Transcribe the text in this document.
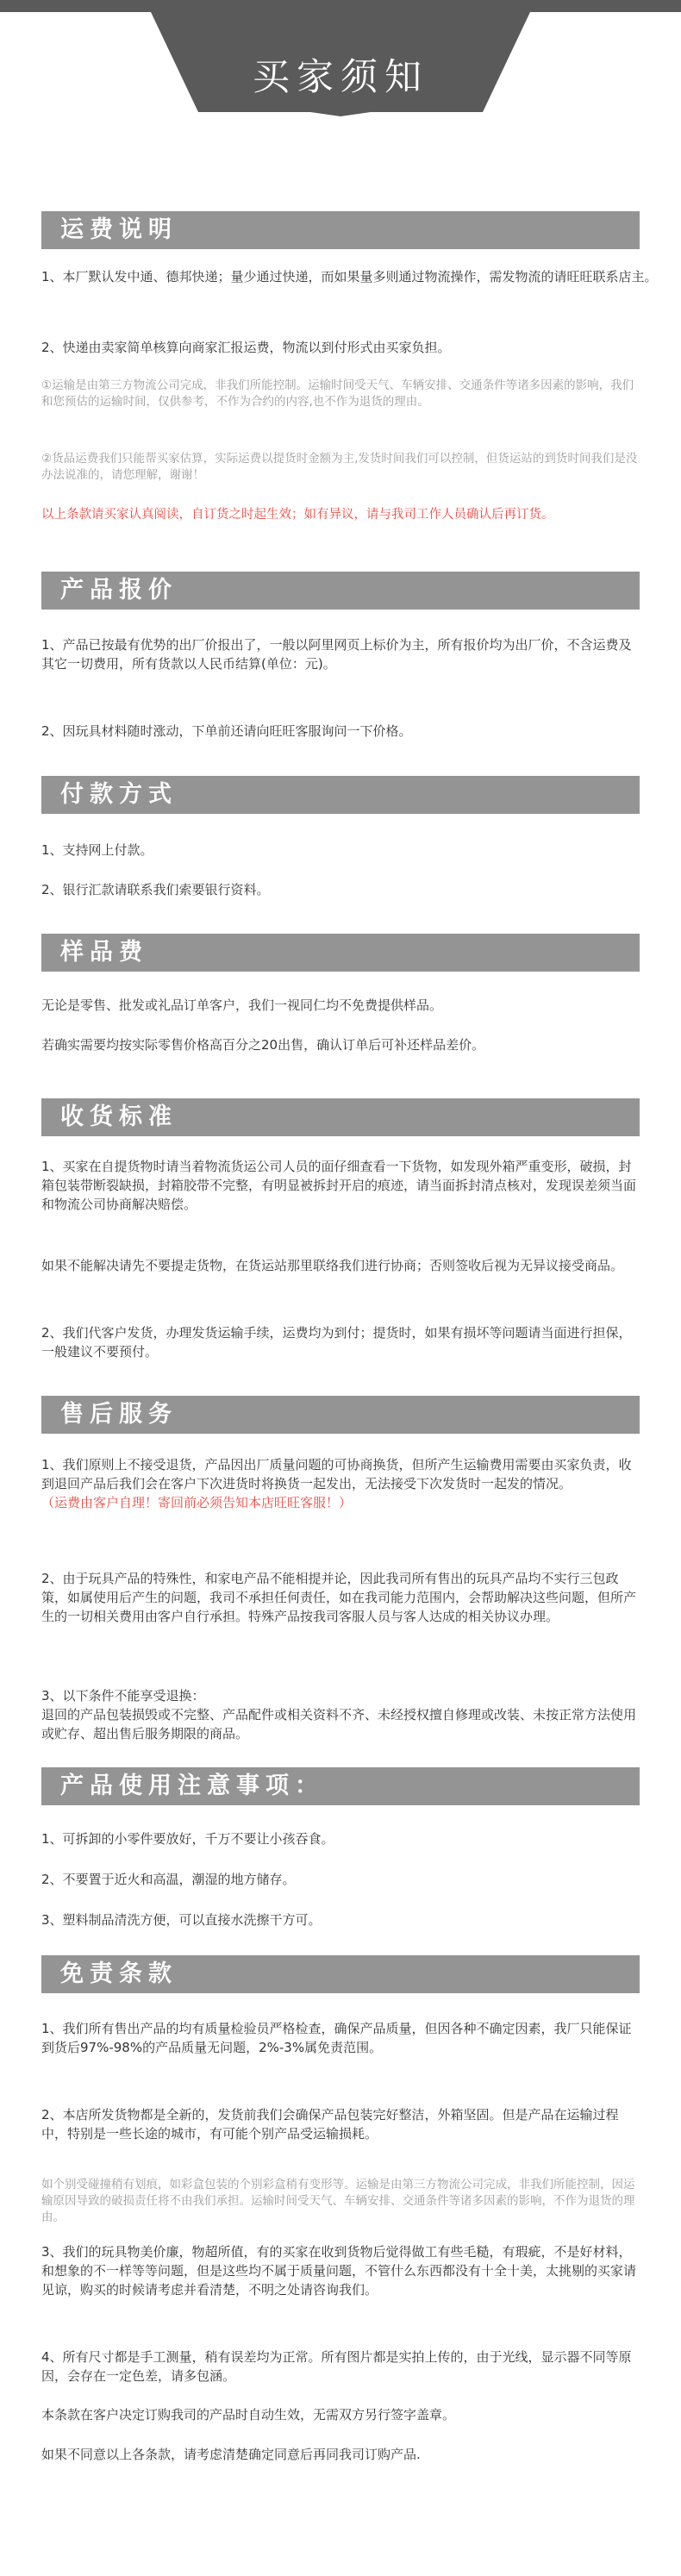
买家须知
运费说明
1、本厂默认发中通、德邦快递；量少通过快递，而如果量多则通过物流操作，需发物流的请旺旺联系店主。
2、快递由卖家简单核算向商家汇报运费，物流以到付形式由买家负担。
①运输是由第三方物流公司完成，非我们所能控制。运输时间受天气、车辆安排、交通条件等诸多因素的影响，我们和您预估的运输时间，仅供参考，不作为合约的内容,也不作为退货的理由。
②货品运费我们只能帮买家估算，实际运费以提货时金额为主,发货时间我们可以控制，但货运站的到货时间我们是没办法说准的，请您理解，谢谢！
以上条款请买家认真阅读，自订货之时起生效；如有异议，请与我司工作人员确认后再订货。
产品报价
1、产品已按最有优势的出厂价报出了，一般以阿里网页上标价为主，所有报价均为出厂价，不含运费及其它一切费用，所有货款以人民币结算(单位：元)。
2、因玩具材料随时涨动，下单前还请向旺旺客服询问一下价格。
付款方式
1、支持网上付款。
2、银行汇款请联系我们索要银行资料。
样品费
无论是零售、批发或礼品订单客户，我们一视同仁均不免费提供样品。
若确实需要均按实际零售价格高百分之20出售，确认订单后可补还样品差价。
收货标准
1、买家在自提货物时请当着物流货运公司人员的面仔细查看一下货物，如发现外箱严重变形，破损，封箱包装带断裂缺损，封箱胶带不完整，有明显被拆封开启的痕迹，请当面拆封清点核对，发现误差须当面和物流公司协商解决赔偿。
如果不能解决请先不要提走货物，在货运站那里联络我们进行协商；否则签收后视为无异议接受商品。
2、我们代客户发货，办理发货运输手续，运费均为到付；提货时，如果有损坏等问题请当面进行担保，一般建议不要预付。
售后服务
1、我们原则上不接受退货，产品因出厂质量问题的可协商换货，但所产生运输费用需要由买家负责，收到退回产品后我们会在客户下次进货时将换货一起发出，无法接受下次发货时一起发的情况。
（运费由客户自理！寄回前必须告知本店旺旺客服！）
2、由于玩具产品的特殊性，和家电产品不能相提并论，因此我司所有售出的玩具产品均不实行三包政策，如属使用后产生的问题，我司不承担任何责任，如在我司能力范围内，会帮助解决这些问题，但所产生的一切相关费用由客户自行承担。特殊产品按我司客服人员与客人达成的相关协议办理。
3、以下条件不能享受退换：
退回的产品包装损毁或不完整、产品配件或相关资料不齐、未经授权擅自修理或改装、未按正常方法使用或贮存、超出售后服务期限的商品。
产品使用注意事项：
1、可拆卸的小零件要放好，千万不要让小孩吞食。
2、不要置于近火和高温，潮湿的地方储存。
3、塑料制品清洗方便，可以直接水洗擦干方可。
免责条款
1、我们所有售出产品的均有质量检验员严格检查，确保产品质量，但因各种不确定因素，我厂只能保证到货后97%-98%的产品质量无问题，2%-3%属免责范围。
2、本店所发货物都是全新的，发货前我们会确保产品包装完好整洁，外箱坚固。但是产品在运输过程中，特别是一些长途的城市，有可能个别产品受运输损耗。
如个别受碰撞稍有划痕，如彩盒包装的个别彩盒稍有变形等。运输是由第三方物流公司完成，非我们所能控制，因运输原因导致的破损责任将不由我们承担。运输时间受天气、车辆安排、交通条件等诸多因素的影响，不作为退货的理由。
3、我们的玩具物美价廉，物超所值，有的买家在收到货物后觉得做工有些毛糙，有瑕疵，不是好材料，和想象的不一样等等问题，但是这些均不属于质量问题，不管什么东西都没有十全十美，太挑剔的买家请见谅，购买的时候请考虑并看清楚，不明之处请咨询我们。
4、所有尺寸都是手工测量，稍有误差均为正常。所有图片都是实拍上传的，由于光线，显示器不同等原因，会存在一定色差，请多包涵。
本条款在客户决定订购我司的产品时自动生效，无需双方另行签字盖章。
如果不同意以上各条款，请考虑清楚确定同意后再同我司订购产品.
